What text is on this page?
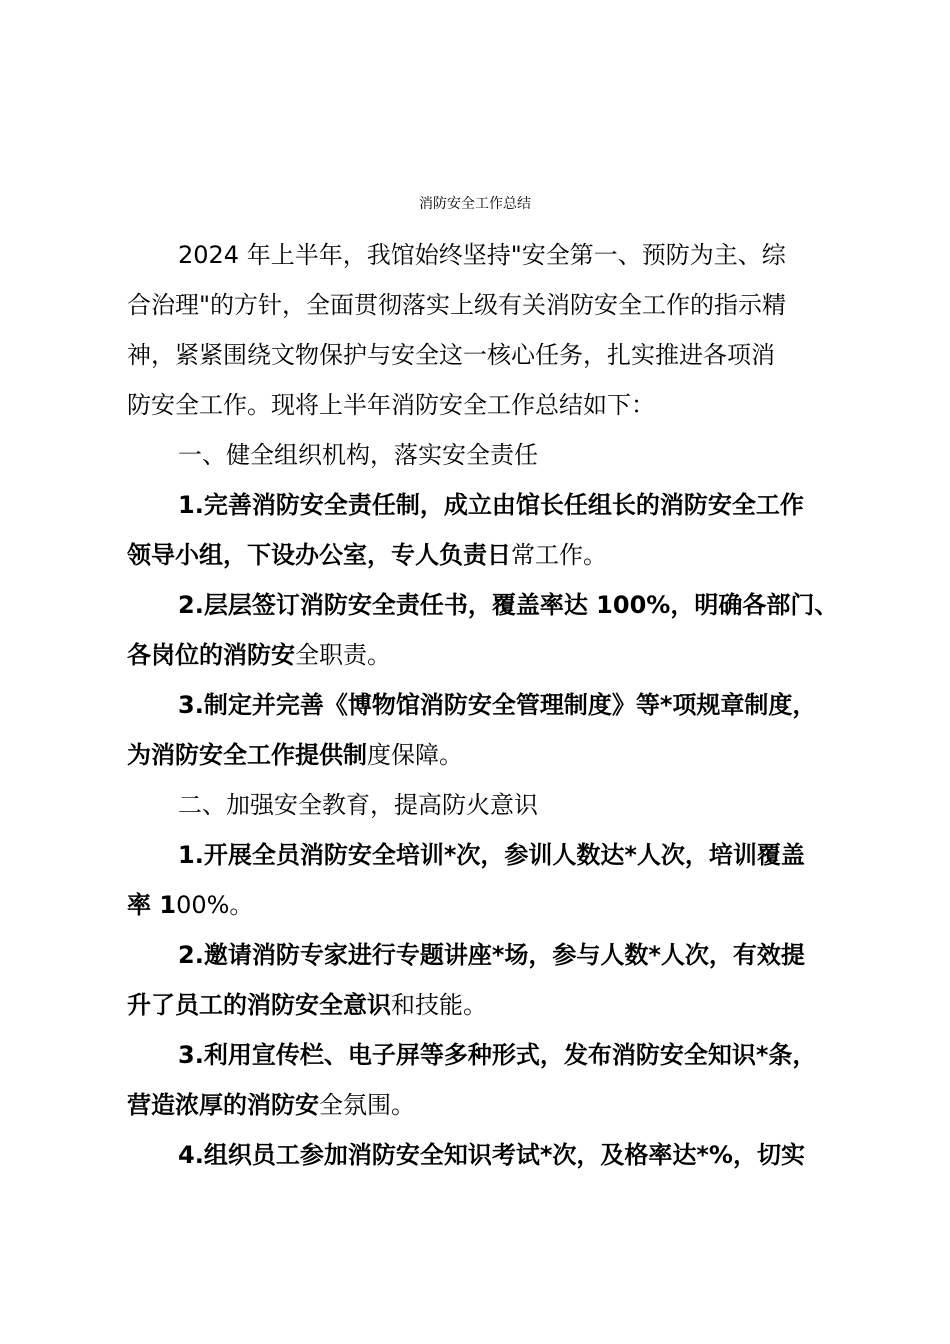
消防安全工作总结
2024 年上半年，我馆始终坚持"安全第一、预防为主、综
合治理"的方针，全面贯彻落实上级有关消防安全工作的指示精
神，紧紧围绕文物保护与安全这一核心任务，扎实推进各项消
防安全工作。现将上半年消防安全工作总结如下：
一、健全组织机构，落实安全责任
1.完善消防安全责任制，成立由馆长任组长的消防安全工作
领导小组，下设办公室，专人负责日常工作。
2.层层签订消防安全责任书，覆盖率达 100%，明确各部门、
各岗位的消防安全职责。
3.制定并完善《博物馆消防安全管理制度》等*项规章制度，
为消防安全工作提供制度保障。
二、加强安全教育，提高防火意识
1.开展全员消防安全培训*次，参训人数达*人次，培训覆盖
率 100%。
2.邀请消防专家进行专题讲座*场，参与人数*人次，有效提
升了员工的消防安全意识和技能。
3.利用宣传栏、电子屏等多种形式，发布消防安全知识*条，
营造浓厚的消防安全氛围。
4.组织员工参加消防安全知识考试*次，及格率达*%，切实
